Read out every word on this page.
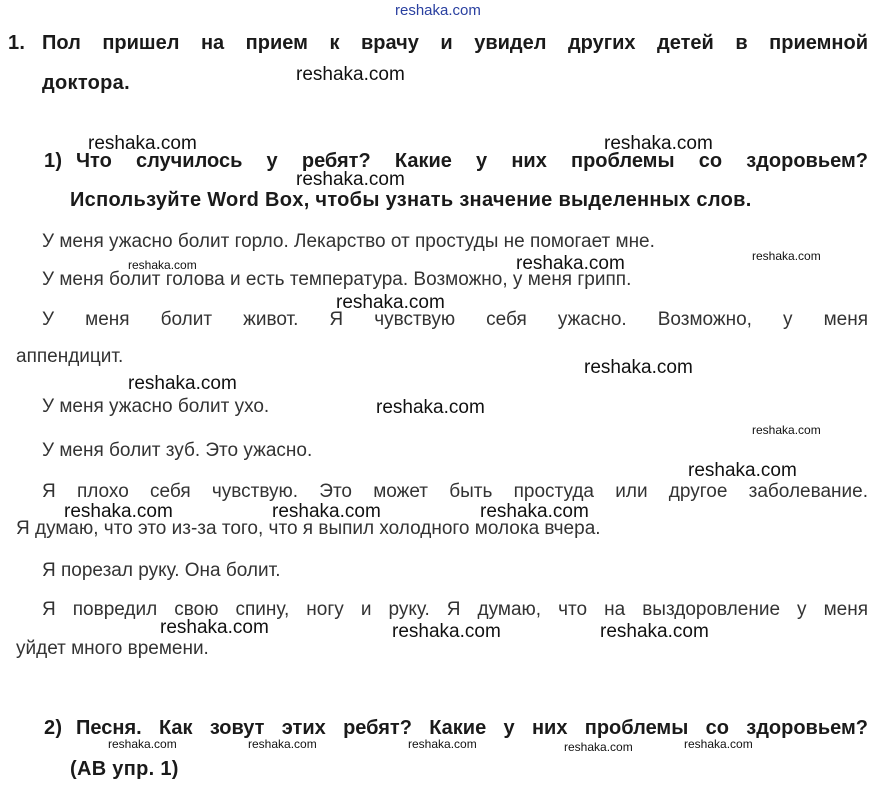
reshaka.com
1. Пол пришел на прием к врачу и увидел других детей в приемной
доктора.
1) Что случилось у ребят? Какие у них проблемы со здоровьем?
Используйте Word Box, чтобы узнать значение выделенных слов.
У меня ужасно болит горло. Лекарство от простуды не помогает мне.
У меня болит голова и есть температура. Возможно, у меня грипп.
У меня болит живот. Я чувствую себя ужасно. Возможно, у меня
аппендицит.
У меня ужасно болит ухо.
У меня болит зуб. Это ужасно.
Я плохо себя чувствую. Это может быть простуда или другое заболевание.
Я думаю, что это из-за того, что я выпил холодного молока вчера.
Я порезал руку. Она болит.
Я повредил свою спину, ногу и руку. Я думаю, что на выздоровление у меня
уйдет много времени.
2) Песня. Как зовут этих ребят? Какие у них проблемы со здоровьем?
(AB упр. 1)
reshaka.com
reshaka.com	reshaka.com
reshaka.com
reshaka.com	reshaka.com	reshaka.com
reshaka.com
reshaka.com
reshaka.com
reshaka.com
reshaka.com
reshaka.com
reshaka.com	reshaka.com	reshaka.com
reshaka.com	reshaka.com	reshaka.com
reshaka.com	reshaka.com	reshaka.com	reshaka.com	reshaka.com
